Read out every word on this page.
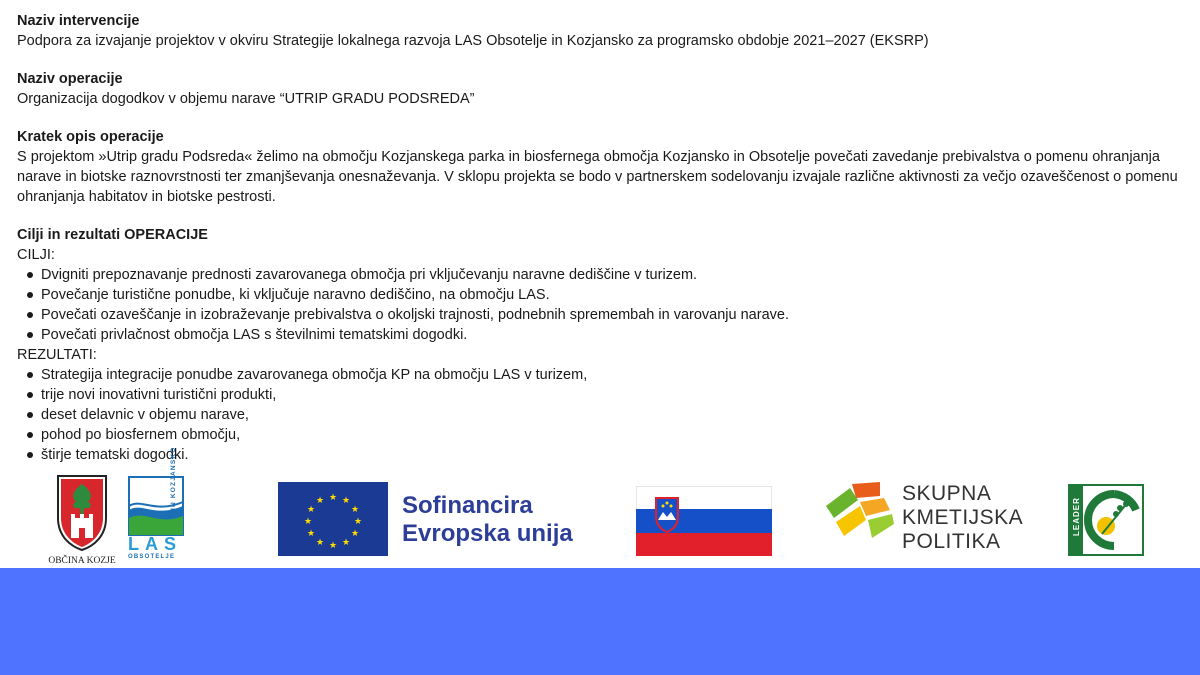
Naziv intervencije
Podpora za izvajanje projektov v okviru Strategije lokalnega razvoja LAS Obsotelje in Kozjansko za programsko obdobje 2021–2027 (EKSRP)
Naziv operacije
Organizacija dogodkov v objemu narave “UTRIP GRADU PODSREDA”
Kratek opis operacije
S projektom »Utrip gradu Podsreda« želimo na območju Kozjanskega parka in biosfernega območja Kozjansko in Obsotelje povečati zavedanje prebivalstva o pomenu ohranjanja narave in biotske raznovrstnosti ter zmanjševanja onesnaževanja. V sklopu projekta se bodo v partnerskem sodelovanju izvajale različne aktivnosti za večjo ozaveščenost o pomenu ohranjanja habitatov in biotske pestrosti.
Cilji in rezultati OPERACIJE
CILJI:
Dvigniti prepoznavanje prednosti zavarovanega območja pri vključevanju naravne dediščine v turizem.
Povečanje turistične ponudbe, ki vključuje naravno dediščino, na območju LAS.
Povečati ozaveščanje in izobraževanje prebivalstva o okoljski trajnosti, podnebnih spremembah in varovanju narave.
Povečati privlačnost območja LAS s številnimi tematskimi dogodki.
REZULTATI:
Strategija integracije ponudbe zavarovanega območja KP na območju LAS v turizem,
trije novi inovativni turistični produkti,
deset delavnic v objemu narave,
pohod po biosfernem območju,
štirje tematski dogodki.
OBČINA KOZJE
LAS
OBSOTELJE
IN KOZJANSKO	★ ★
★
★
★
★
★
★
★
★
★
★	Sofinancira
Evropska unija
SKUPNA
KMETIJSKA
POLITIKA
LEADER
